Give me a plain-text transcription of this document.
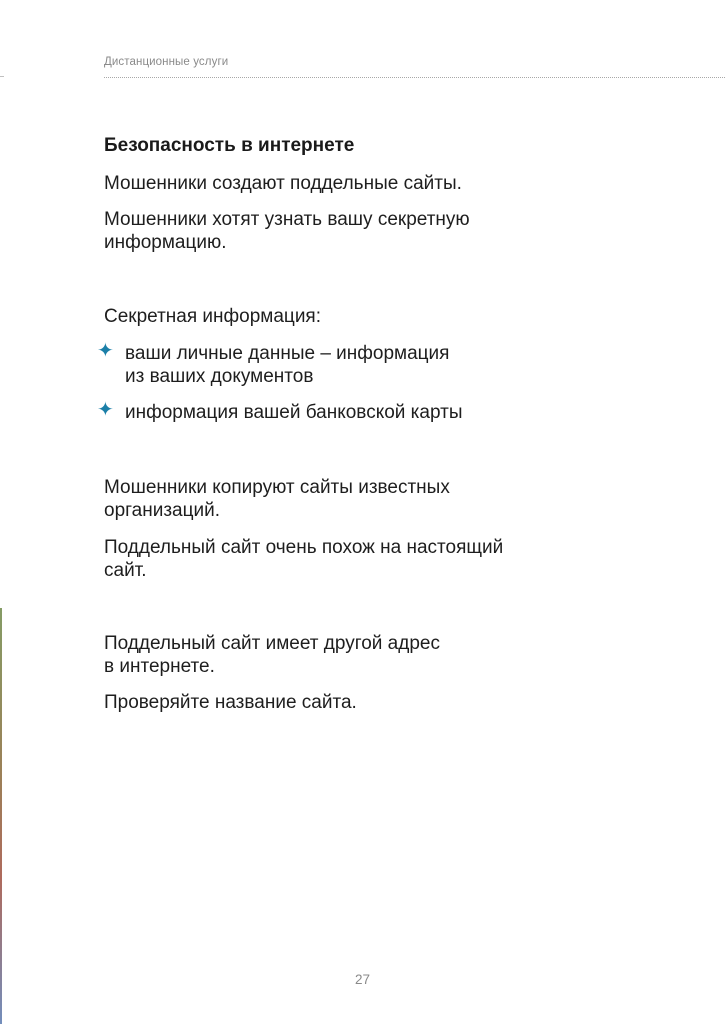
Дистанционные услуги

Безопасность в интернете

Мошенники создают поддельные сайты.

Мошенники хотят узнать вашу секретную

информацию.

Секретная информация:

✦ ваши личные данные – информация

из ваших документов

✦ информация вашей банковской карты

Мошенники копируют сайты известных

организаций.

Поддельный сайт очень похож на настоящий

сайт.

Поддельный сайт имеет другой адрес

в интернете.

Проверяйте название сайта.

27
